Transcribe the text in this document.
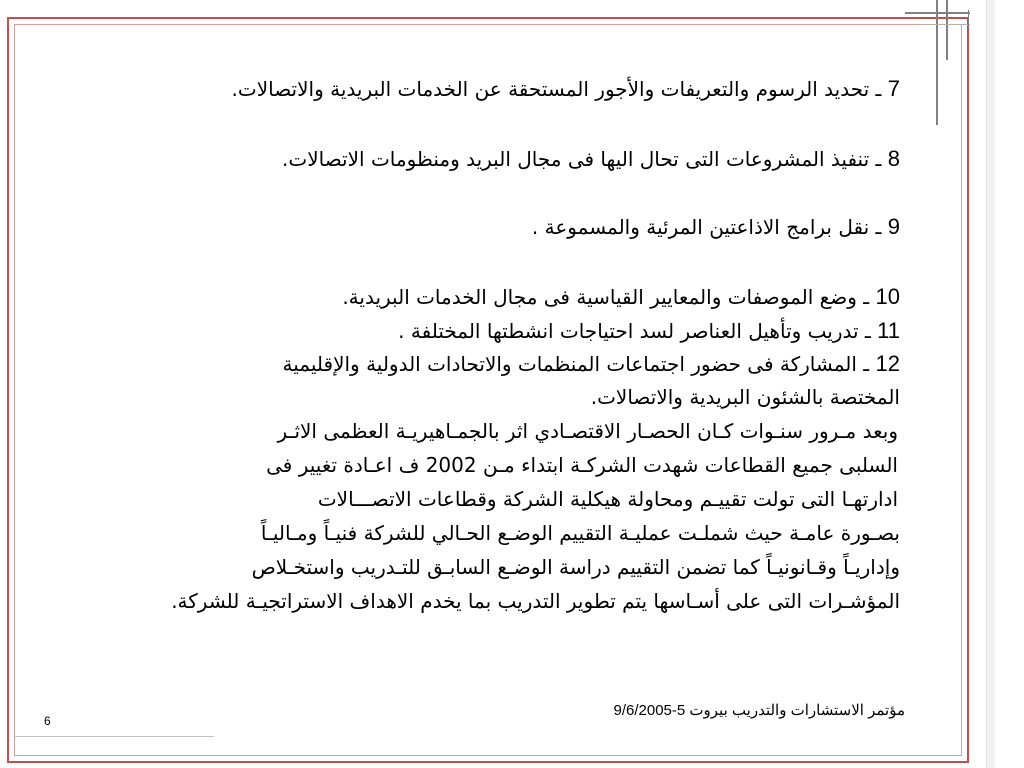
7 ـ تحديد الرسوم والتعريفات والأجور المستحقة عن الخدمات البريدية والاتصالات.
8 ـ تنفيذ المشروعات التى تحال اليها فى مجال البريد ومنظومات الاتصالات.
9 ـ نقل برامج الاذاعتين المرئية والمسموعة .
10 ـ وضع الموصفات والمعايير القياسية فى مجال الخدمات البريدية.
11 ـ تدريب وتأهيل العناصر لسد احتياجات انشطتها المختلفة .
12 ـ المشاركة فى حضور اجتماعات المنظمات والاتحادات الدولية والإقليمية
المختصة بالشئون البريدية والاتصالات.
وبعد مـرور سنـوات كـان الحصـار الاقتصـادي اثر بالجمـاهيريـة العظمى الاثـر
السلبى جميع القطاعات شهدت الشركـة ابتداء مـن 2002 ف اعـادة تغيير فى
ادارتهـا التى تولت تقييـم ومحاولة هيكلية الشركة وقطاعات الاتصـــالات
بصـورة عامـة حيث شملـت عمليـة التقييم الوضـع الحـالي للشركة فنيـاً ومـاليـاً
وإداريـاً وقـانونيـاً كما تضمن التقييم دراسة الوضـع السابـق للتـدريب واستخـلاص
المؤشـرات التى على أسـاسها يتم تطوير التدريب بما يخدم الاهداف الاستراتجيـة للشركة.
مؤتمر الاستشارات والتدريب بيروت 5-9/6/2005
6
